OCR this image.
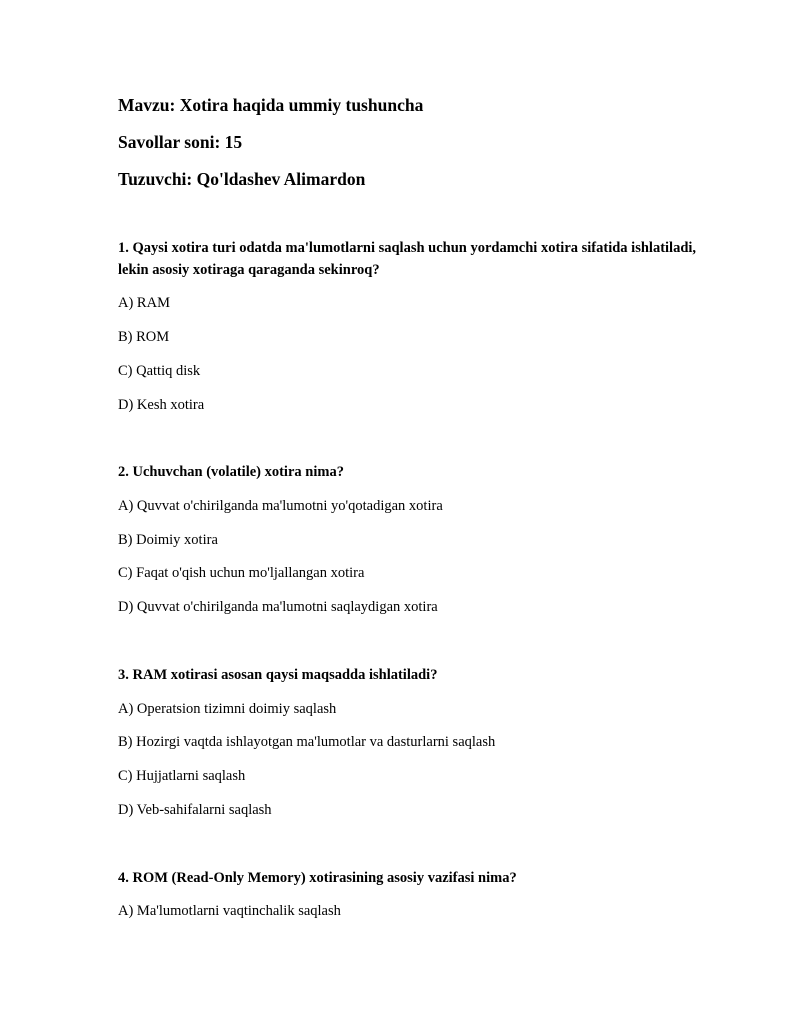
Mavzu: Xotira haqida ummiy tushuncha
Savollar soni: 15
Tuzuvchi: Qo'ldashev Alimardon
1. Qaysi xotira turi odatda ma'lumotlarni saqlash uchun yordamchi xotira sifatida ishlatiladi, lekin asosiy xotiraga qaraganda sekinroq?
A) RAM
B) ROM
C) Qattiq disk
D) Kesh xotira
2. Uchuvchan (volatile) xotira nima?
A) Quvvat o'chirilganda ma'lumotni yo'qotadigan xotira
B) Doimiy xotira
C) Faqat o'qish uchun mo'ljallangan xotira
D) Quvvat o'chirilganda ma'lumotni saqlaydigan xotira
3. RAM xotirasi asosan qaysi maqsadda ishlatiladi?
A) Operatsion tizimni doimiy saqlash
B) Hozirgi vaqtda ishlayotgan ma'lumotlar va dasturlarni saqlash
C) Hujjatlarni saqlash
D) Veb-sahifalarni saqlash
4. ROM (Read-Only Memory) xotirasining asosiy vazifasi nima?
A) Ma'lumotlarni vaqtinchalik saqlash
